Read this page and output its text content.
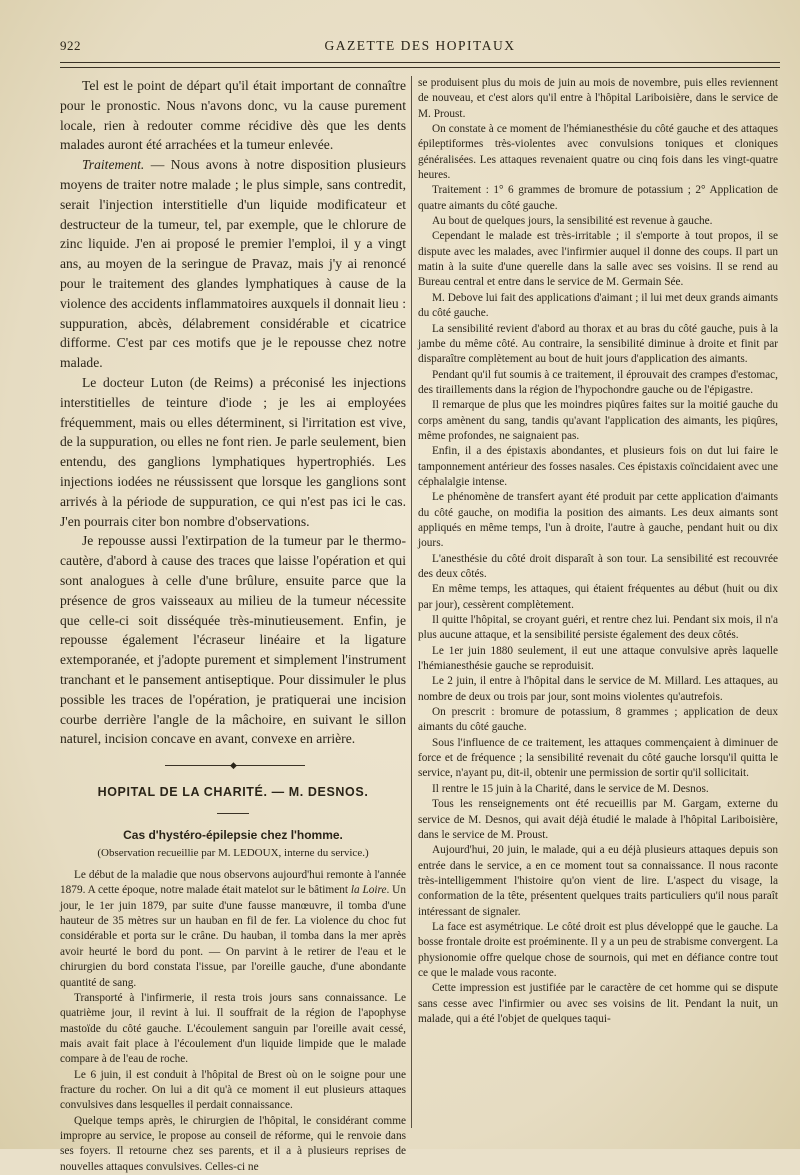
922	GAZETTE DES HOPITAUX

Tel est le point de départ qu'il était important de connaître pour le pronostic. Nous n'avons donc, vu la cause purement locale, rien à redouter comme récidive dès que les dents malades auront été arrachées et la tumeur enlevée.

Traitement. — Nous avons à notre disposition plusieurs moyens de traiter notre malade ; le plus simple, sans contredit, serait l'injection interstitielle d'un liquide modificateur et destructeur de la tumeur, tel, par exemple, que le chlorure de zinc liquide. J'en ai proposé le premier l'emploi, il y a vingt ans, au moyen de la seringue de Pravaz, mais j'y ai renoncé pour le traitement des glandes lymphatiques à cause de la violence des accidents inflammatoires auxquels il donnait lieu : suppuration, abcès, délabrement considérable et cicatrice difforme. C'est par ces motifs que je le repousse chez notre malade.

Le docteur Luton (de Reims) a préconisé les injections interstitielles de teinture d'iode ; je les ai employées fréquemment, mais ou elles déterminent, si l'irritation est vive, de la suppuration, ou elles ne font rien. Je parle seulement, bien entendu, des ganglions lymphatiques hypertrophiés. Les injections iodées ne réussissent que lorsque les ganglions sont arrivés à la période de suppuration, ce qui n'est pas ici le cas. J'en pourrais citer bon nombre d'observations.

Je repousse aussi l'extirpation de la tumeur par le thermo-cautère, d'abord à cause des traces que laisse l'opération et qui sont analogues à celle d'une brûlure, ensuite parce que la présence de gros vaisseaux au milieu de la tumeur nécessite que celle-ci soit disséquée très-minutieusement. Enfin, je repousse également l'écraseur linéaire et la ligature extemporanée, et j'adopte purement et simplement l'instrument tranchant et le pansement antiseptique. Pour dissimuler le plus possible les traces de l'opération, je pratiquerai une incision courbe derrière l'angle de la mâchoire, en suivant le sillon naturel, incision concave en avant, convexe en arrière.

◆
HOPITAL DE LA CHARITÉ. — M. DESNOS.
Cas d'hystéro-épilepsie chez l'homme.
(Observation recueillie par M. LEDOUX, interne du service.)

Le début de la maladie que nous observons aujourd'hui remonte à l'année 1879. A cette époque, notre malade était matelot sur le bâtiment la Loire. Un jour, le 1er juin 1879, par suite d'une fausse manœuvre, il tomba d'une hauteur de 35 mètres sur un hauban en fil de fer. La violence du choc fut considérable et porta sur le crâne. Du hauban, il tomba dans la mer après avoir heurté le bord du pont. — On parvint à le retirer de l'eau et le chirurgien du bord constata l'issue, par l'oreille gauche, d'une abondante quantité de sang.

Transporté à l'infirmerie, il resta trois jours sans connaissance. Le quatrième jour, il revint à lui. Il souffrait de la région de l'apophyse mastoïde du côté gauche. L'écoulement sanguin par l'oreille avait cessé, mais avait fait place à l'écoulement d'un liquide limpide que le malade compare à de l'eau de roche.

Le 6 juin, il est conduit à l'hôpital de Brest où on le soigne pour une fracture du rocher. On lui a dit qu'à ce moment il eut plusieurs attaques convulsives dans lesquelles il perdait connaissance.

Quelque temps après, le chirurgien de l'hôpital, le considérant comme impropre au service, le propose au conseil de réforme, qui le renvoie dans ses foyers. Il retourne chez ses parents, et il a à plusieurs reprises de nouvelles attaques convulsives. Celles-ci ne

se produisent plus du mois de juin au mois de novembre, puis elles reviennent de nouveau, et c'est alors qu'il entre à l'hôpital Lariboisière, dans le service de M. Proust.

On constate à ce moment de l'hémianesthésie du côté gauche et des attaques épileptiformes très-violentes avec convulsions toniques et cloniques généralisées. Les attaques revenaient quatre ou cinq fois dans les vingt-quatre heures.

Traitement : 1° 6 grammes de bromure de potassium ; 2° Application de quatre aimants du côté gauche.

Au bout de quelques jours, la sensibilité est revenue à gauche.

Cependant le malade est très-irritable ; il s'emporte à tout propos, il se dispute avec les malades, avec l'infirmier auquel il donne des coups. Il part un matin à la suite d'une querelle dans la salle avec ses voisins. Il se rend au Bureau central et entre dans le service de M. Germain Sée.

M. Debove lui fait des applications d'aimant ; il lui met deux grands aimants du côté gauche.

La sensibilité revient d'abord au thorax et au bras du côté gauche, puis à la jambe du même côté. Au contraire, la sensibilité diminue à droite et finit par disparaître complètement au bout de huit jours d'application des aimants.

Pendant qu'il fut soumis à ce traitement, il éprouvait des crampes d'estomac, des tiraillements dans la région de l'hypochondre gauche ou de l'épigastre.

Il remarque de plus que les moindres piqûres faites sur la moitié gauche du corps amènent du sang, tandis qu'avant l'application des aimants, les piqûres, même profondes, ne saignaient pas.

Enfin, il a des épistaxis abondantes, et plusieurs fois on dut lui faire le tamponnement antérieur des fosses nasales. Ces épistaxis coïncidaient avec une céphalalgie intense.

Le phénomène de transfert ayant été produit par cette application d'aimants du côté gauche, on modifia la position des aimants. Les deux aimants sont appliqués en même temps, l'un à droite, l'autre à gauche, pendant huit ou dix jours.

L'anesthésie du côté droit disparaît à son tour. La sensibilité est recouvrée des deux côtés.

En même temps, les attaques, qui étaient fréquentes au début (huit ou dix par jour), cessèrent complètement.

Il quitte l'hôpital, se croyant guéri, et rentre chez lui. Pendant six mois, il n'a plus aucune attaque, et la sensibilité persiste également des deux côtés.

Le 1er juin 1880 seulement, il eut une attaque convulsive après laquelle l'hémianesthésie gauche se reproduisit.

Le 2 juin, il entre à l'hôpital dans le service de M. Millard. Les attaques, au nombre de deux ou trois par jour, sont moins violentes qu'autrefois.

On prescrit : bromure de potassium, 8 grammes ; application de deux aimants du côté gauche.

Sous l'influence de ce traitement, les attaques commençaient à diminuer de force et de fréquence ; la sensibilité revenait du côté gauche lorsqu'il quitta le service, n'ayant pu, dit-il, obtenir une permission de sortir qu'il sollicitait.

Il rentre le 15 juin à la Charité, dans le service de M. Desnos.

Tous les renseignements ont été recueillis par M. Gargam, externe du service de M. Desnos, qui avait déjà étudié le malade à l'hôpital Lariboisière, dans le service de M. Proust.

Aujourd'hui, 20 juin, le malade, qui a eu déjà plusieurs attaques depuis son entrée dans le service, a en ce moment tout sa connaissance. Il nous raconte très-intelligemment l'histoire qu'on vient de lire. L'aspect du visage, la conformation de la tête, présentent quelques traits particuliers qu'il nous paraît intéressant de signaler.

La face est asymétrique. Le côté droit est plus développé que le gauche. La bosse frontale droite est proéminente. Il y a un peu de strabisme convergent. La physionomie offre quelque chose de sournois, qui met en défiance contre tout ce que le malade vous raconte.

Cette impression est justifiée par le caractère de cet homme qui se dispute sans cesse avec l'infirmier ou avec ses voisins de lit. Pendant la nuit, un malade, qui a été l'objet de quelques taqui-
